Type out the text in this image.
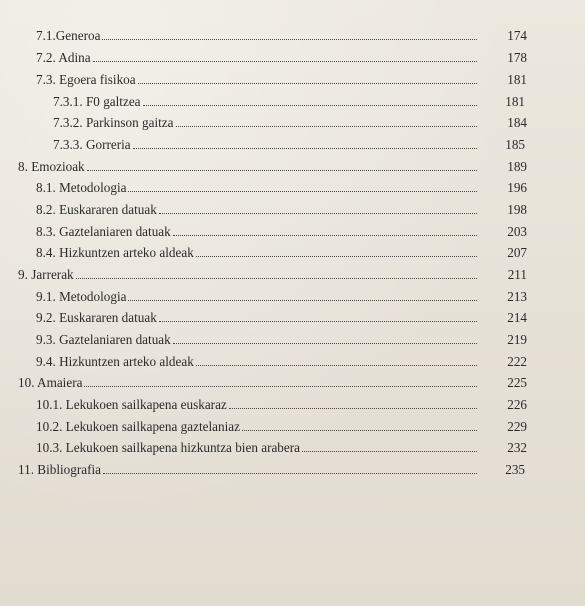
7.1.Generoa	174
7.2. Adina	178
7.3. Egoera fisikoa	181
7.3.1. F0 galtzea	181
7.3.2. Parkinson gaitza	184
7.3.3. Gorreria	185
8. Emozioak	189
8.1. Metodologia	196
8.2. Euskararen datuak	198
8.3. Gaztelaniaren datuak	203
8.4. Hizkuntzen arteko aldeak	207
9. Jarrerak	211
9.1. Metodologia	213
9.2. Euskararen datuak	214
9.3. Gaztelaniaren datuak	219
9.4. Hizkuntzen arteko aldeak	222
10. Amaiera	225
10.1. Lekukoen sailkapena euskaraz	226
10.2. Lekukoen sailkapena gaztelaniaz	229
10.3. Lekukoen sailkapena hizkuntza bien arabera	232
11. Bibliografia	235
